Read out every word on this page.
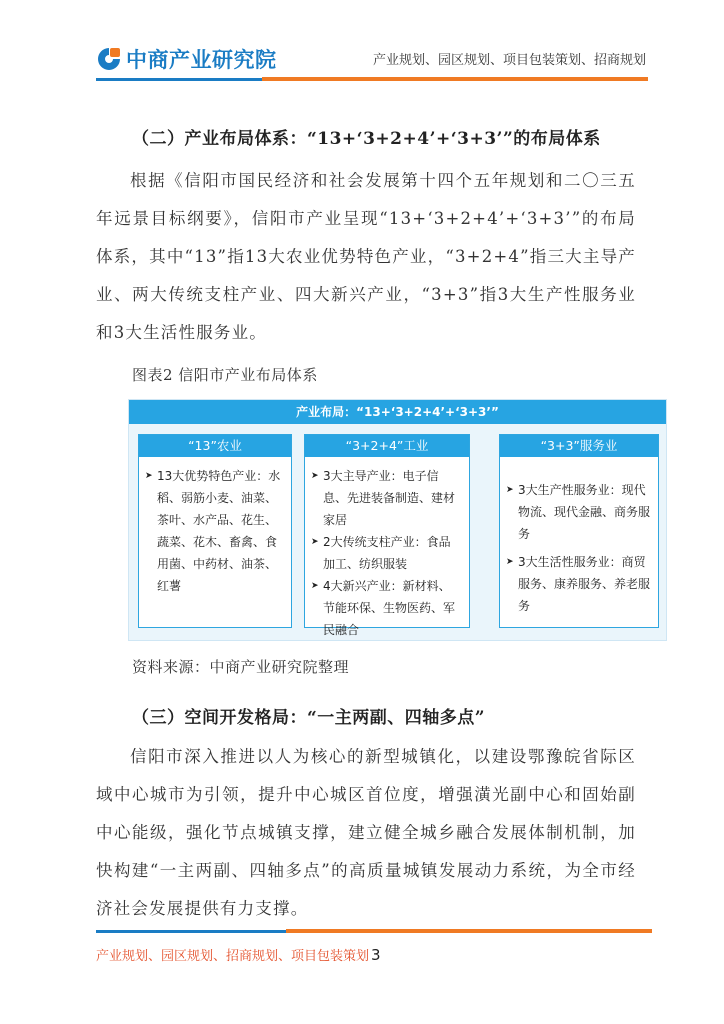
中商产业研究院	产业规划、园区规划、项目包装策划、招商规划
（二）产业布局体系：“13+‘3+2+4’+‘3+3’”的布局体系
根据《信阳市国民经济和社会发展第十四个五年规划和二〇三五年远景目标纲要》，信阳市产业呈现“13+‘3+2+4’+‘3+3’”的布局体系，其中“13”指13大农业优势特色产业，“3+2+4”指三大主导产业、两大传统支柱产业、四大新兴产业，“3+3”指3大生产性服务业和3大生活性服务业。
图表2 信阳市产业布局体系
产业布局：“13+‘3+2+4’+‘3+3’”
“13”农业
➤ 13大优势特色产业：水稻、弱筋小麦、油菜、茶叶、水产品、花生、蔬菜、花木、畜禽、食用菌、中药材、油茶、红薯
“3+2+4”工业
➤ 3大主导产业：电子信息、先进装备制造、建材家居
➤ 2大传统支柱产业：食品加工、纺织服装
➤ 4大新兴产业：新材料、节能环保、生物医药、军民融合
“3+3”服务业
➤ 3大生产性服务业：现代物流、现代金融、商务服务
➤ 3大生活性服务业：商贸服务、康养服务、养老服务
资料来源：中商产业研究院整理
（三）空间开发格局：“一主两副、四轴多点”
信阳市深入推进以人为核心的新型城镇化，以建设鄂豫皖省际区域中心城市为引领，提升中心城区首位度，增强潢光副中心和固始副中心能级，强化节点城镇支撑，建立健全城乡融合发展体制机制，加快构建“一主两副、四轴多点”的高质量城镇发展动力系统，为全市经济社会发展提供有力支撑。
产业规划、园区规划、招商规划、项目包装策划 3
